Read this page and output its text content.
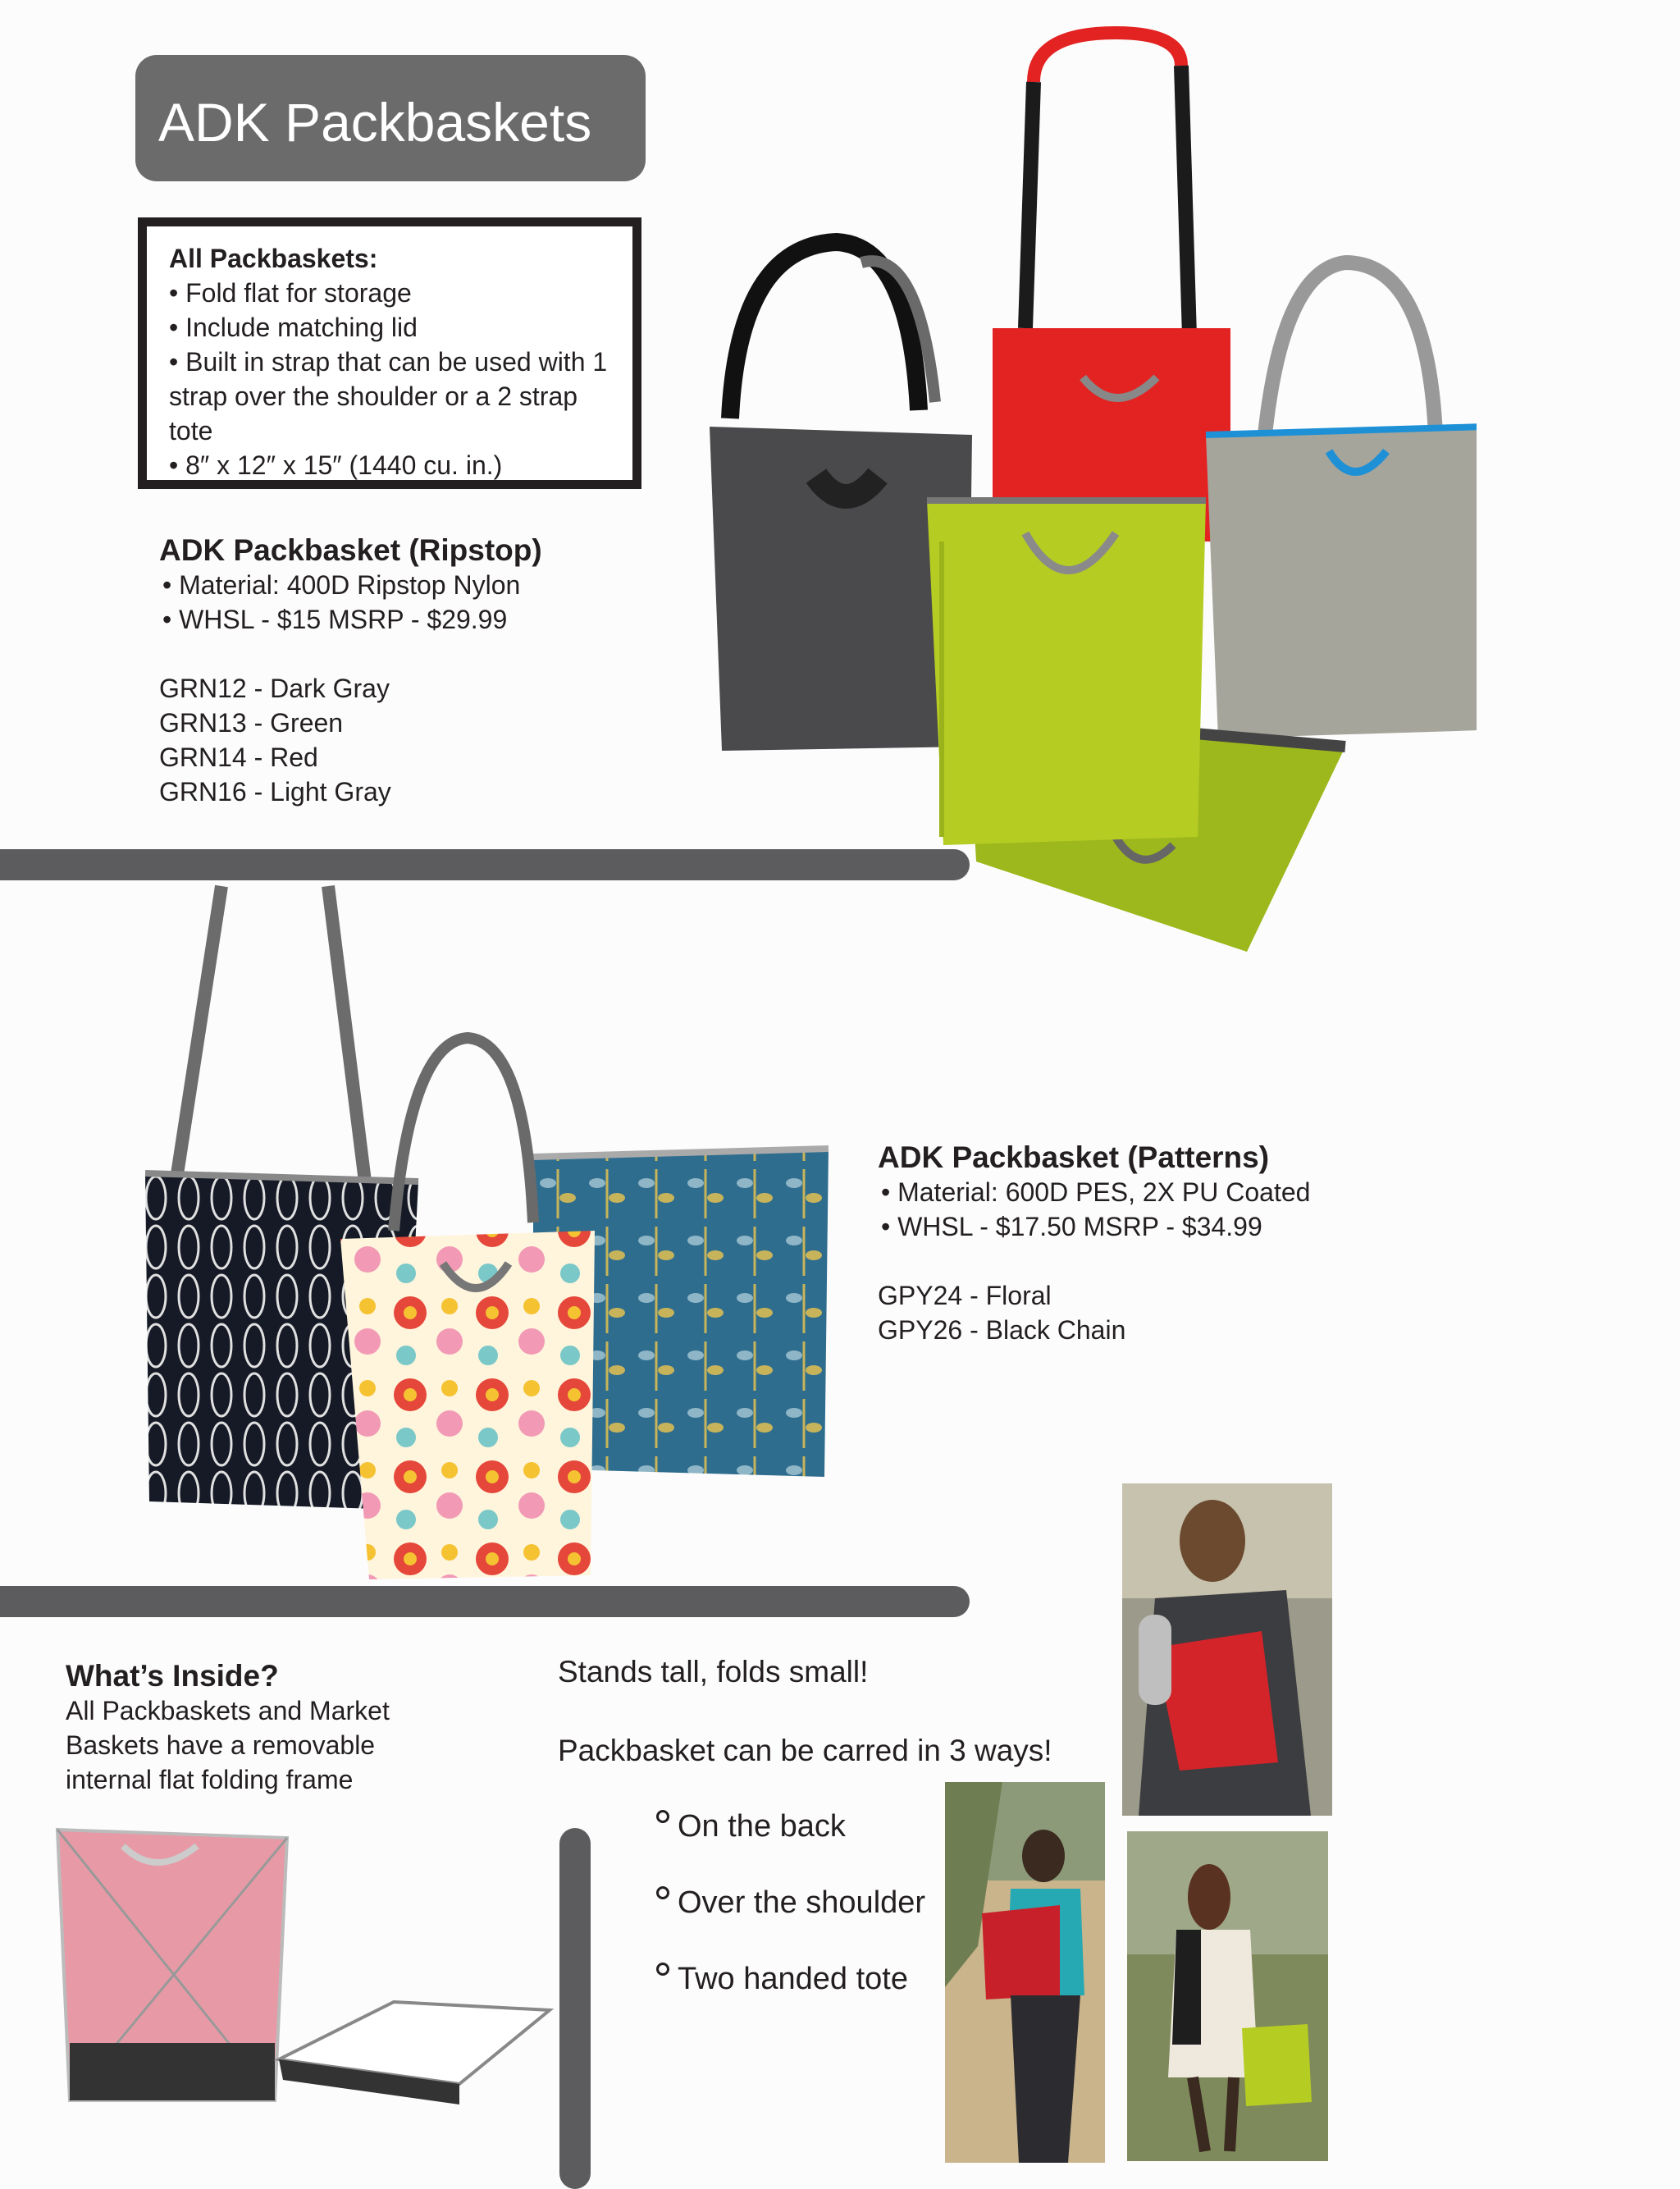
ADK Packbaskets
All Packbaskets:
• Fold flat for storage
• Include matching lid
• Built in strap that can be used with 1
strap over the shoulder or a 2 strap
tote
• 8″ x 12″ x 15″ (1440 cu. in.)
ADK Packbasket (Ripstop)
• Material: 400D Ripstop Nylon
• WHSL - $15 MSRP - $29.99
GRN12 - Dark Gray
GRN13 - Green
GRN14 - Red
GRN16 - Light Gray
ADK Packbasket (Patterns)
• Material: 600D PES, 2X PU Coated
• WHSL - $17.50 MSRP - $34.99
GPY24 - Floral
GPY26 - Black Chain
What’s Inside?
All Packbaskets and Market
Baskets have a removable
internal flat folding frame
Stands tall, folds small!
Packbasket can be carred in 3 ways!
On the back
Over the shoulder
Two handed tote
